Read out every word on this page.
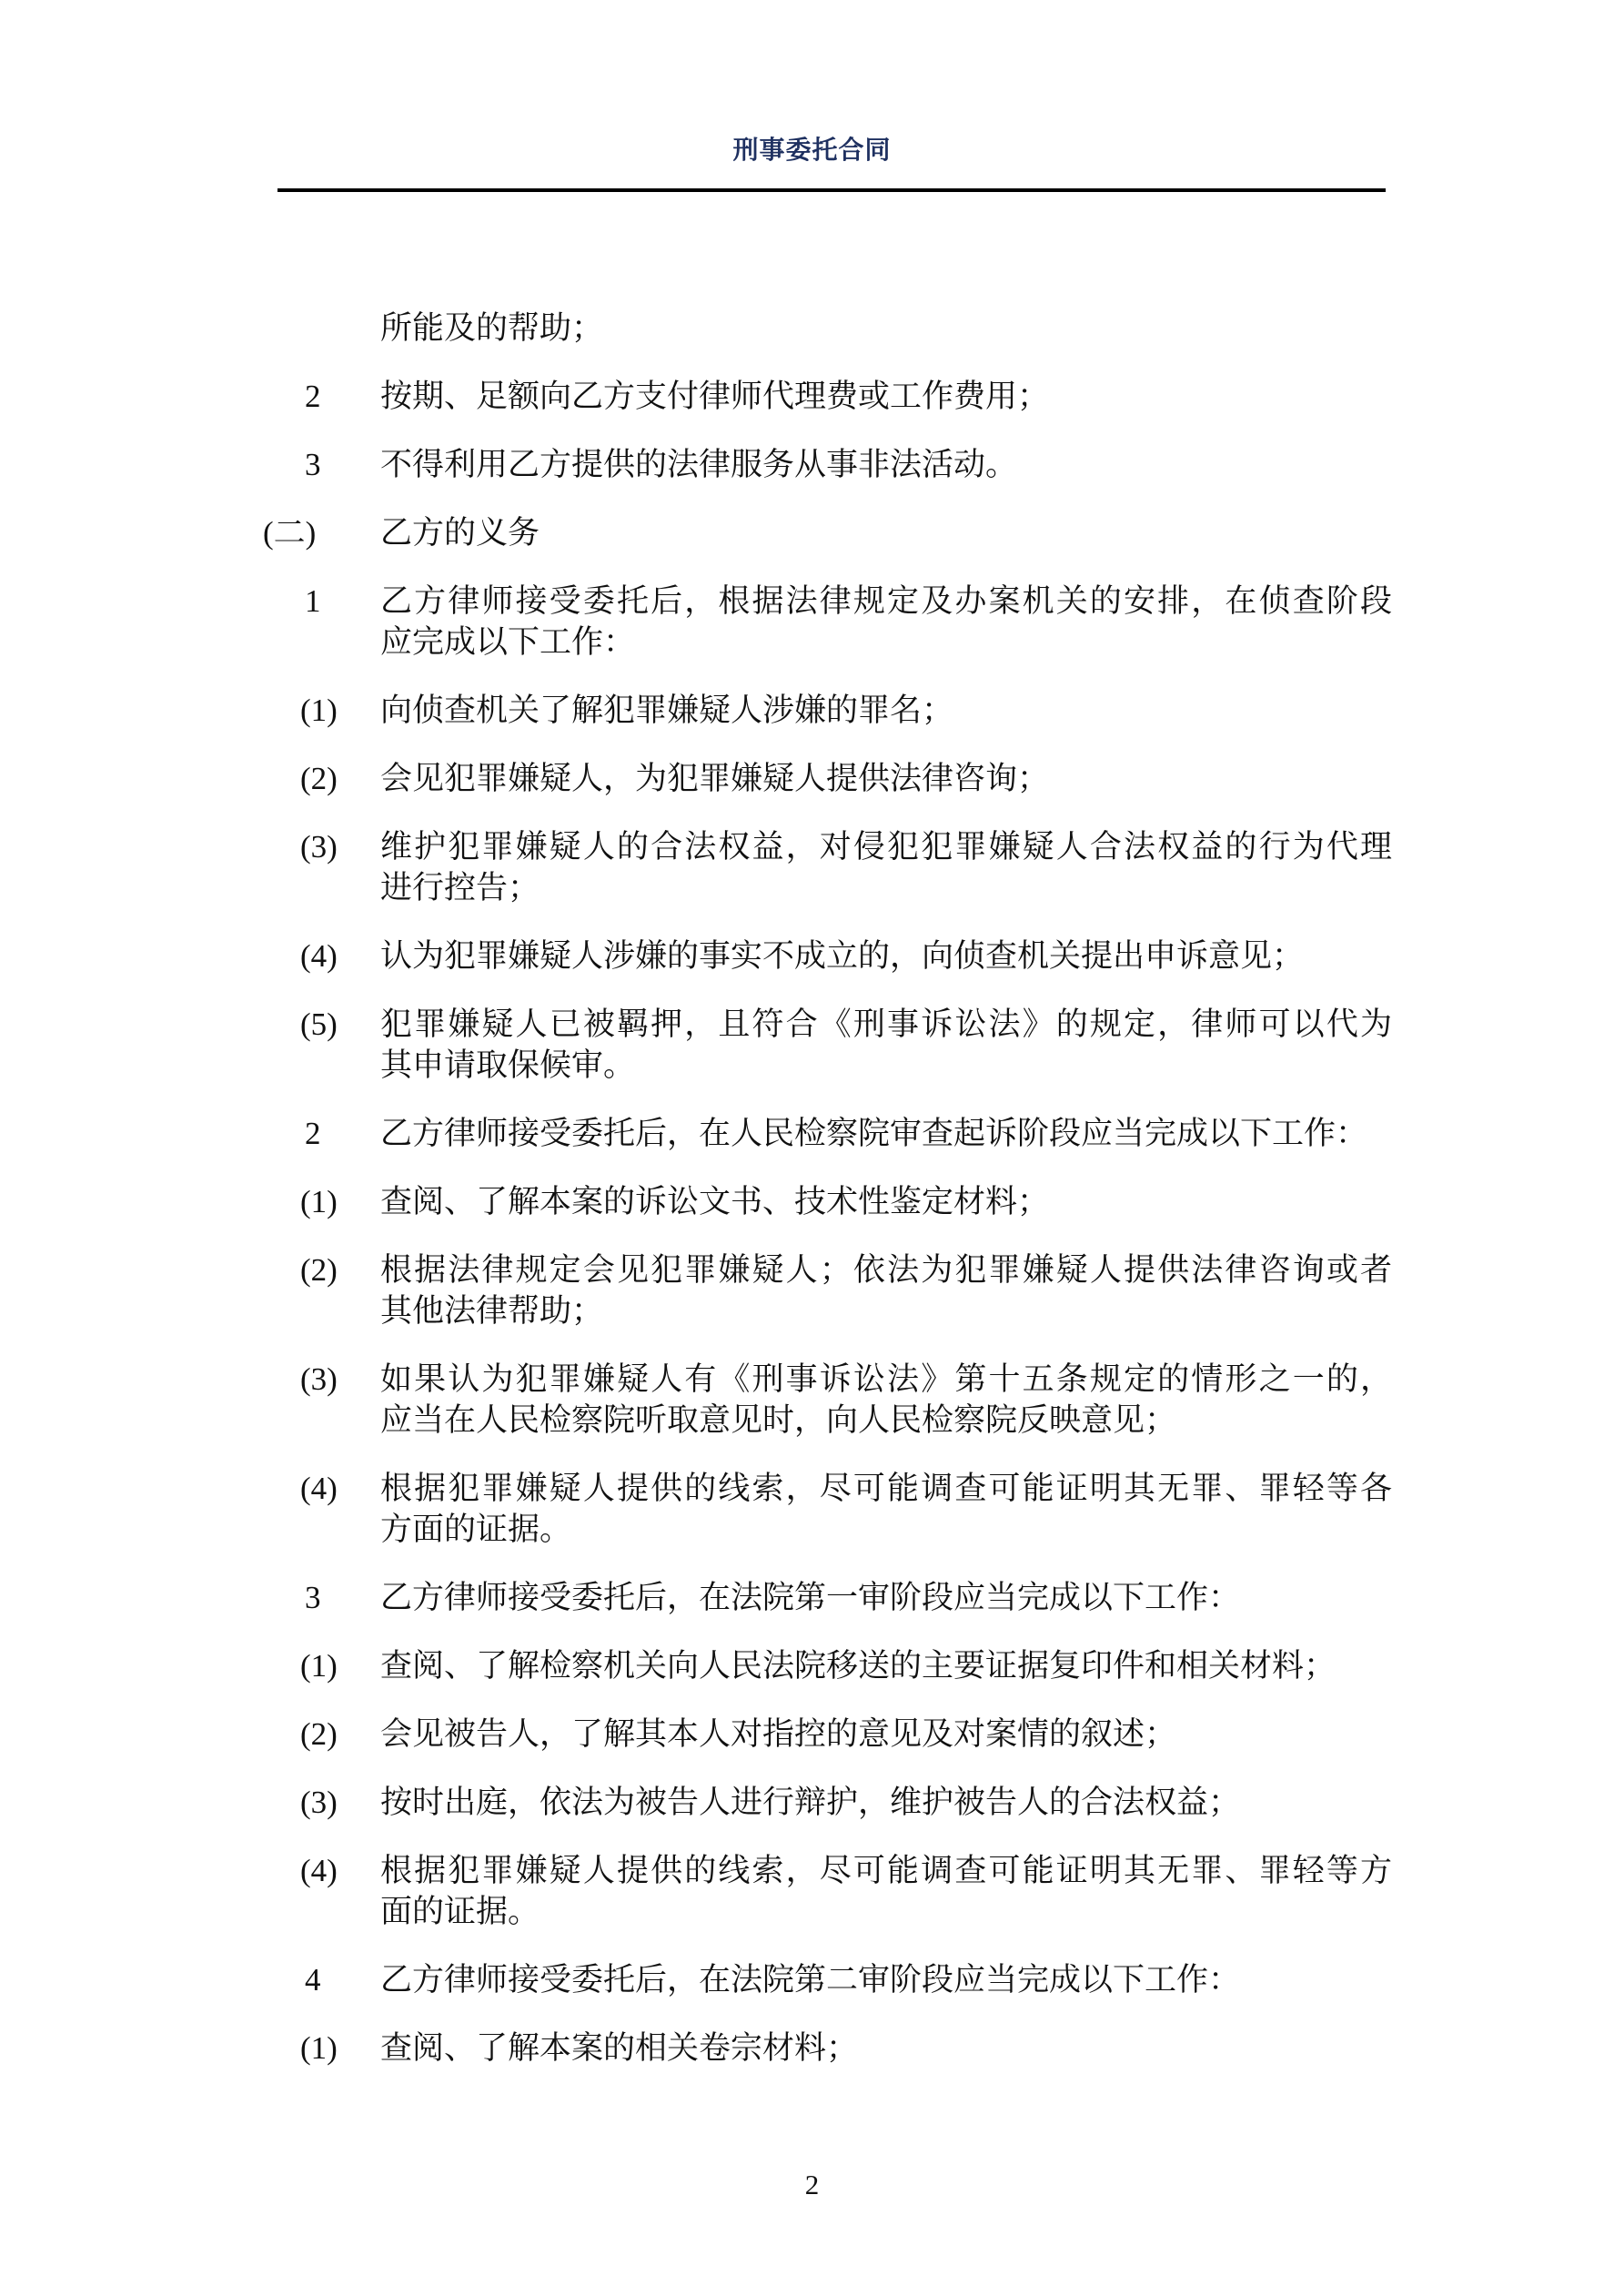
刑事委托合同
所能及的帮助；
2	按期、足额向乙方支付律师代理费或工作费用；
3	不得利用乙方提供的法律服务从事非法活动。
(二)	乙方的义务
1	乙方律师接受委托后，根据法律规定及办案机关的安排，在侦查阶段
应完成以下工作：
(1)	向侦查机关了解犯罪嫌疑人涉嫌的罪名；
(2)	会见犯罪嫌疑人，为犯罪嫌疑人提供法律咨询；
(3)	维护犯罪嫌疑人的合法权益，对侵犯犯罪嫌疑人合法权益的行为代理
进行控告；
(4)	认为犯罪嫌疑人涉嫌的事实不成立的，向侦查机关提出申诉意见；
(5)	犯罪嫌疑人已被羁押，且符合《刑事诉讼法》的规定，律师可以代为
其申请取保候审。
2	乙方律师接受委托后，在人民检察院审查起诉阶段应当完成以下工作：
(1)	查阅、了解本案的诉讼文书、技术性鉴定材料；
(2)	根据法律规定会见犯罪嫌疑人；依法为犯罪嫌疑人提供法律咨询或者
其他法律帮助；
(3)	如果认为犯罪嫌疑人有《刑事诉讼法》第十五条规定的情形之一的，
应当在人民检察院听取意见时，向人民检察院反映意见；
(4)	根据犯罪嫌疑人提供的线索，尽可能调查可能证明其无罪、罪轻等各
方面的证据。
3	乙方律师接受委托后，在法院第一审阶段应当完成以下工作：
(1)	查阅、了解检察机关向人民法院移送的主要证据复印件和相关材料；
(2)	会见被告人，了解其本人对指控的意见及对案情的叙述；
(3)	按时出庭，依法为被告人进行辩护，维护被告人的合法权益；
(4)	根据犯罪嫌疑人提供的线索，尽可能调查可能证明其无罪、罪轻等方
面的证据。
4	乙方律师接受委托后，在法院第二审阶段应当完成以下工作：
(1)	查阅、了解本案的相关卷宗材料；
2
